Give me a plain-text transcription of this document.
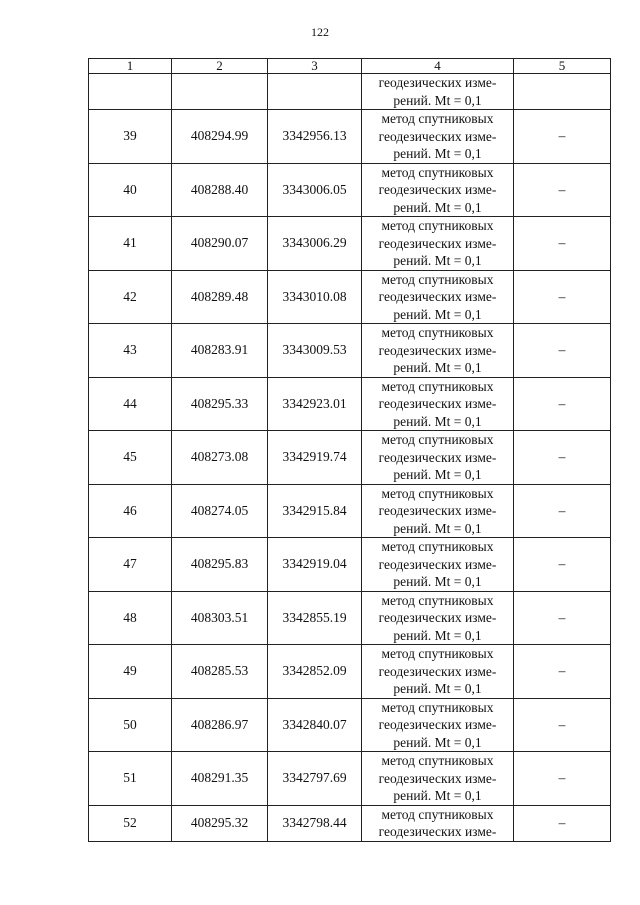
122
1	2	3	4	5

			геодезических изме-
рений. Mt = 0,1	

39	408294.99	3342956.13	метод спутниковых
геодезических изме-
рений. Mt = 0,1	–
40	408288.40	3343006.05	метод спутниковых
геодезических изме-
рений. Mt = 0,1	–
41	408290.07	3343006.29	метод спутниковых
геодезических изме-
рений. Mt = 0,1	–
42	408289.48	3343010.08	метод спутниковых
геодезических изме-
рений. Mt = 0,1	–
43	408283.91	3343009.53	метод спутниковых
геодезических изме-
рений. Mt = 0,1	–
44	408295.33	3342923.01	метод спутниковых
геодезических изме-
рений. Mt = 0,1	–
45	408273.08	3342919.74	метод спутниковых
геодезических изме-
рений. Mt = 0,1	–
46	408274.05	3342915.84	метод спутниковых
геодезических изме-
рений. Mt = 0,1	–
47	408295.83	3342919.04	метод спутниковых
геодезических изме-
рений. Mt = 0,1	–
48	408303.51	3342855.19	метод спутниковых
геодезических изме-
рений. Mt = 0,1	–
49	408285.53	3342852.09	метод спутниковых
геодезических изме-
рений. Mt = 0,1	–
50	408286.97	3342840.07	метод спутниковых
геодезических изме-
рений. Mt = 0,1	–
51	408291.35	3342797.69	метод спутниковых
геодезических изме-
рений. Mt = 0,1	–
52	408295.32	3342798.44	метод спутниковых
геодезических изме-	–
